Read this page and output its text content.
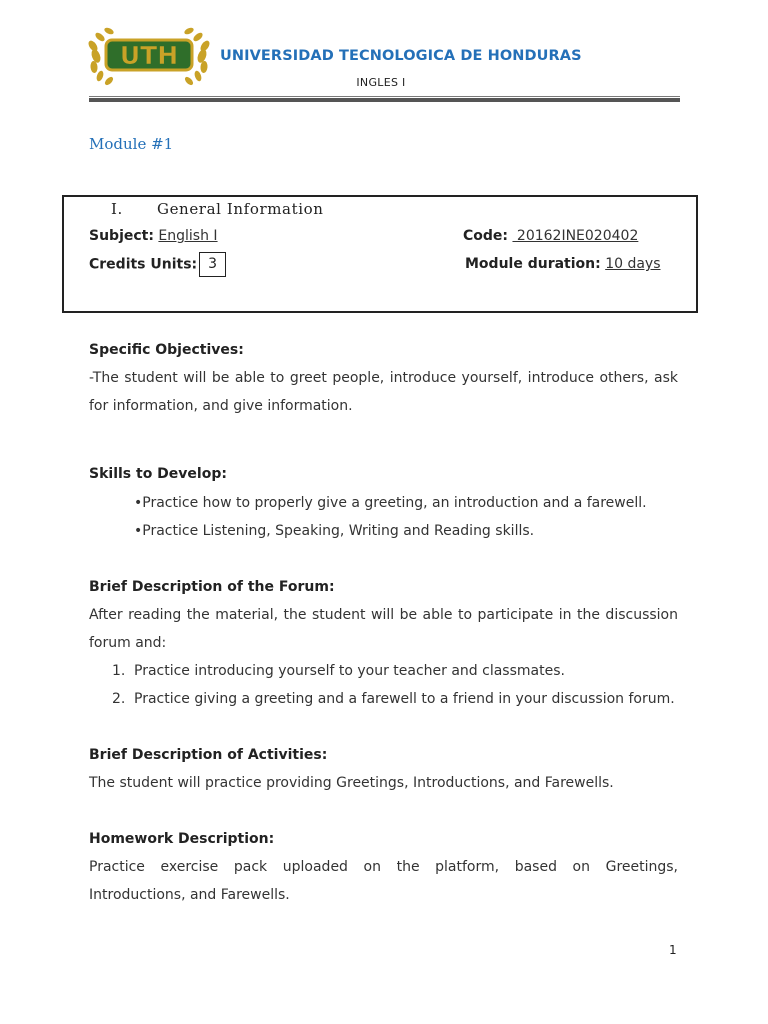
UTH	UNIVERSIDAD TECNOLOGICA DE HONDURAS
INGLES I
Module #1
I. General Information
Subject: English I	Code:  20162INE020402
Credits Units: 3	Module duration: 10 days
Specific Objectives:
-The student will be able to greet people, introduce yourself, introduce others, ask for information, and give information.
Skills to Develop:
•Practice how to properly give a greeting, an introduction and a farewell.
•Practice Listening, Speaking, Writing and Reading skills.
Brief Description of the Forum:
After reading the material, the student will be able to participate in the discussion forum and:
1. Practice introducing yourself to your teacher and classmates.
2. Practice giving a greeting and a farewell to a friend in your discussion forum.
Brief Description of Activities:
The student will practice providing Greetings, Introductions, and Farewells.
Homework Description:
Practice exercise pack uploaded on the platform, based on Greetings, Introductions, and Farewells.
1
